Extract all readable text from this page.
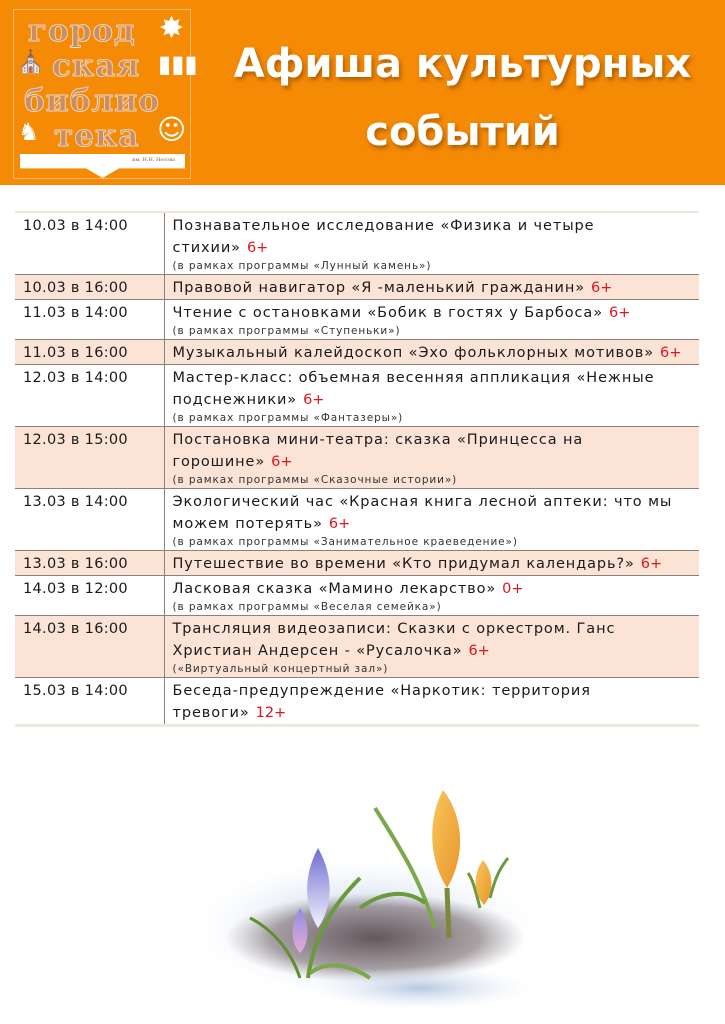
город
ская
библио
тека
✸
⛪	▮▮▮
♞	☺
им. Н.Н. Носова
Афиша культурных
событий
10.03 в 14:00	Познавательное исследование «Физика и четыре стихии» 6+
(в рамках программы «Лунный камень»)

10.03 в 16:00	Правовой навигатор «Я -маленький гражданин» 6+

11.03 в 14:00	Чтение с остановками «Бобик в гостях у Барбоса» 6+
(в рамках программы «Ступеньки»)

11.03 в 16:00	Музыкальный калейдоскоп «Эхо фольклорных мотивов» 6+

12.03 в 14:00	Мастер-класс: объемная весенняя аппликация «Нежные подснежники» 6+
(в рамках программы «Фантазеры»)

12.03 в 15:00	Постановка мини-театра: сказка «Принцесса на горошине» 6+
(в рамках программы «Сказочные истории»)

13.03 в 14:00	Экологический час «Красная книга лесной аптеки: что мы можем потерять» 6+
(в рамках программы «Занимательное краеведение»)

13.03 в 16:00	Путешествие во времени «Кто придумал календарь?» 6+

14.03 в 12:00	Ласковая сказка «Мамино лекарство» 0+
(в рамках программы «Веселая семейка»)

14.03 в 16:00	Трансляция видеозаписи: Сказки с оркестром. Ганс Христиан Андерсен - «Русалочка» 6+
(«Виртуальный концертный зал»)

15.03 в 14:00	Беседа-предупреждение «Наркотик: территория тревоги» 12+
